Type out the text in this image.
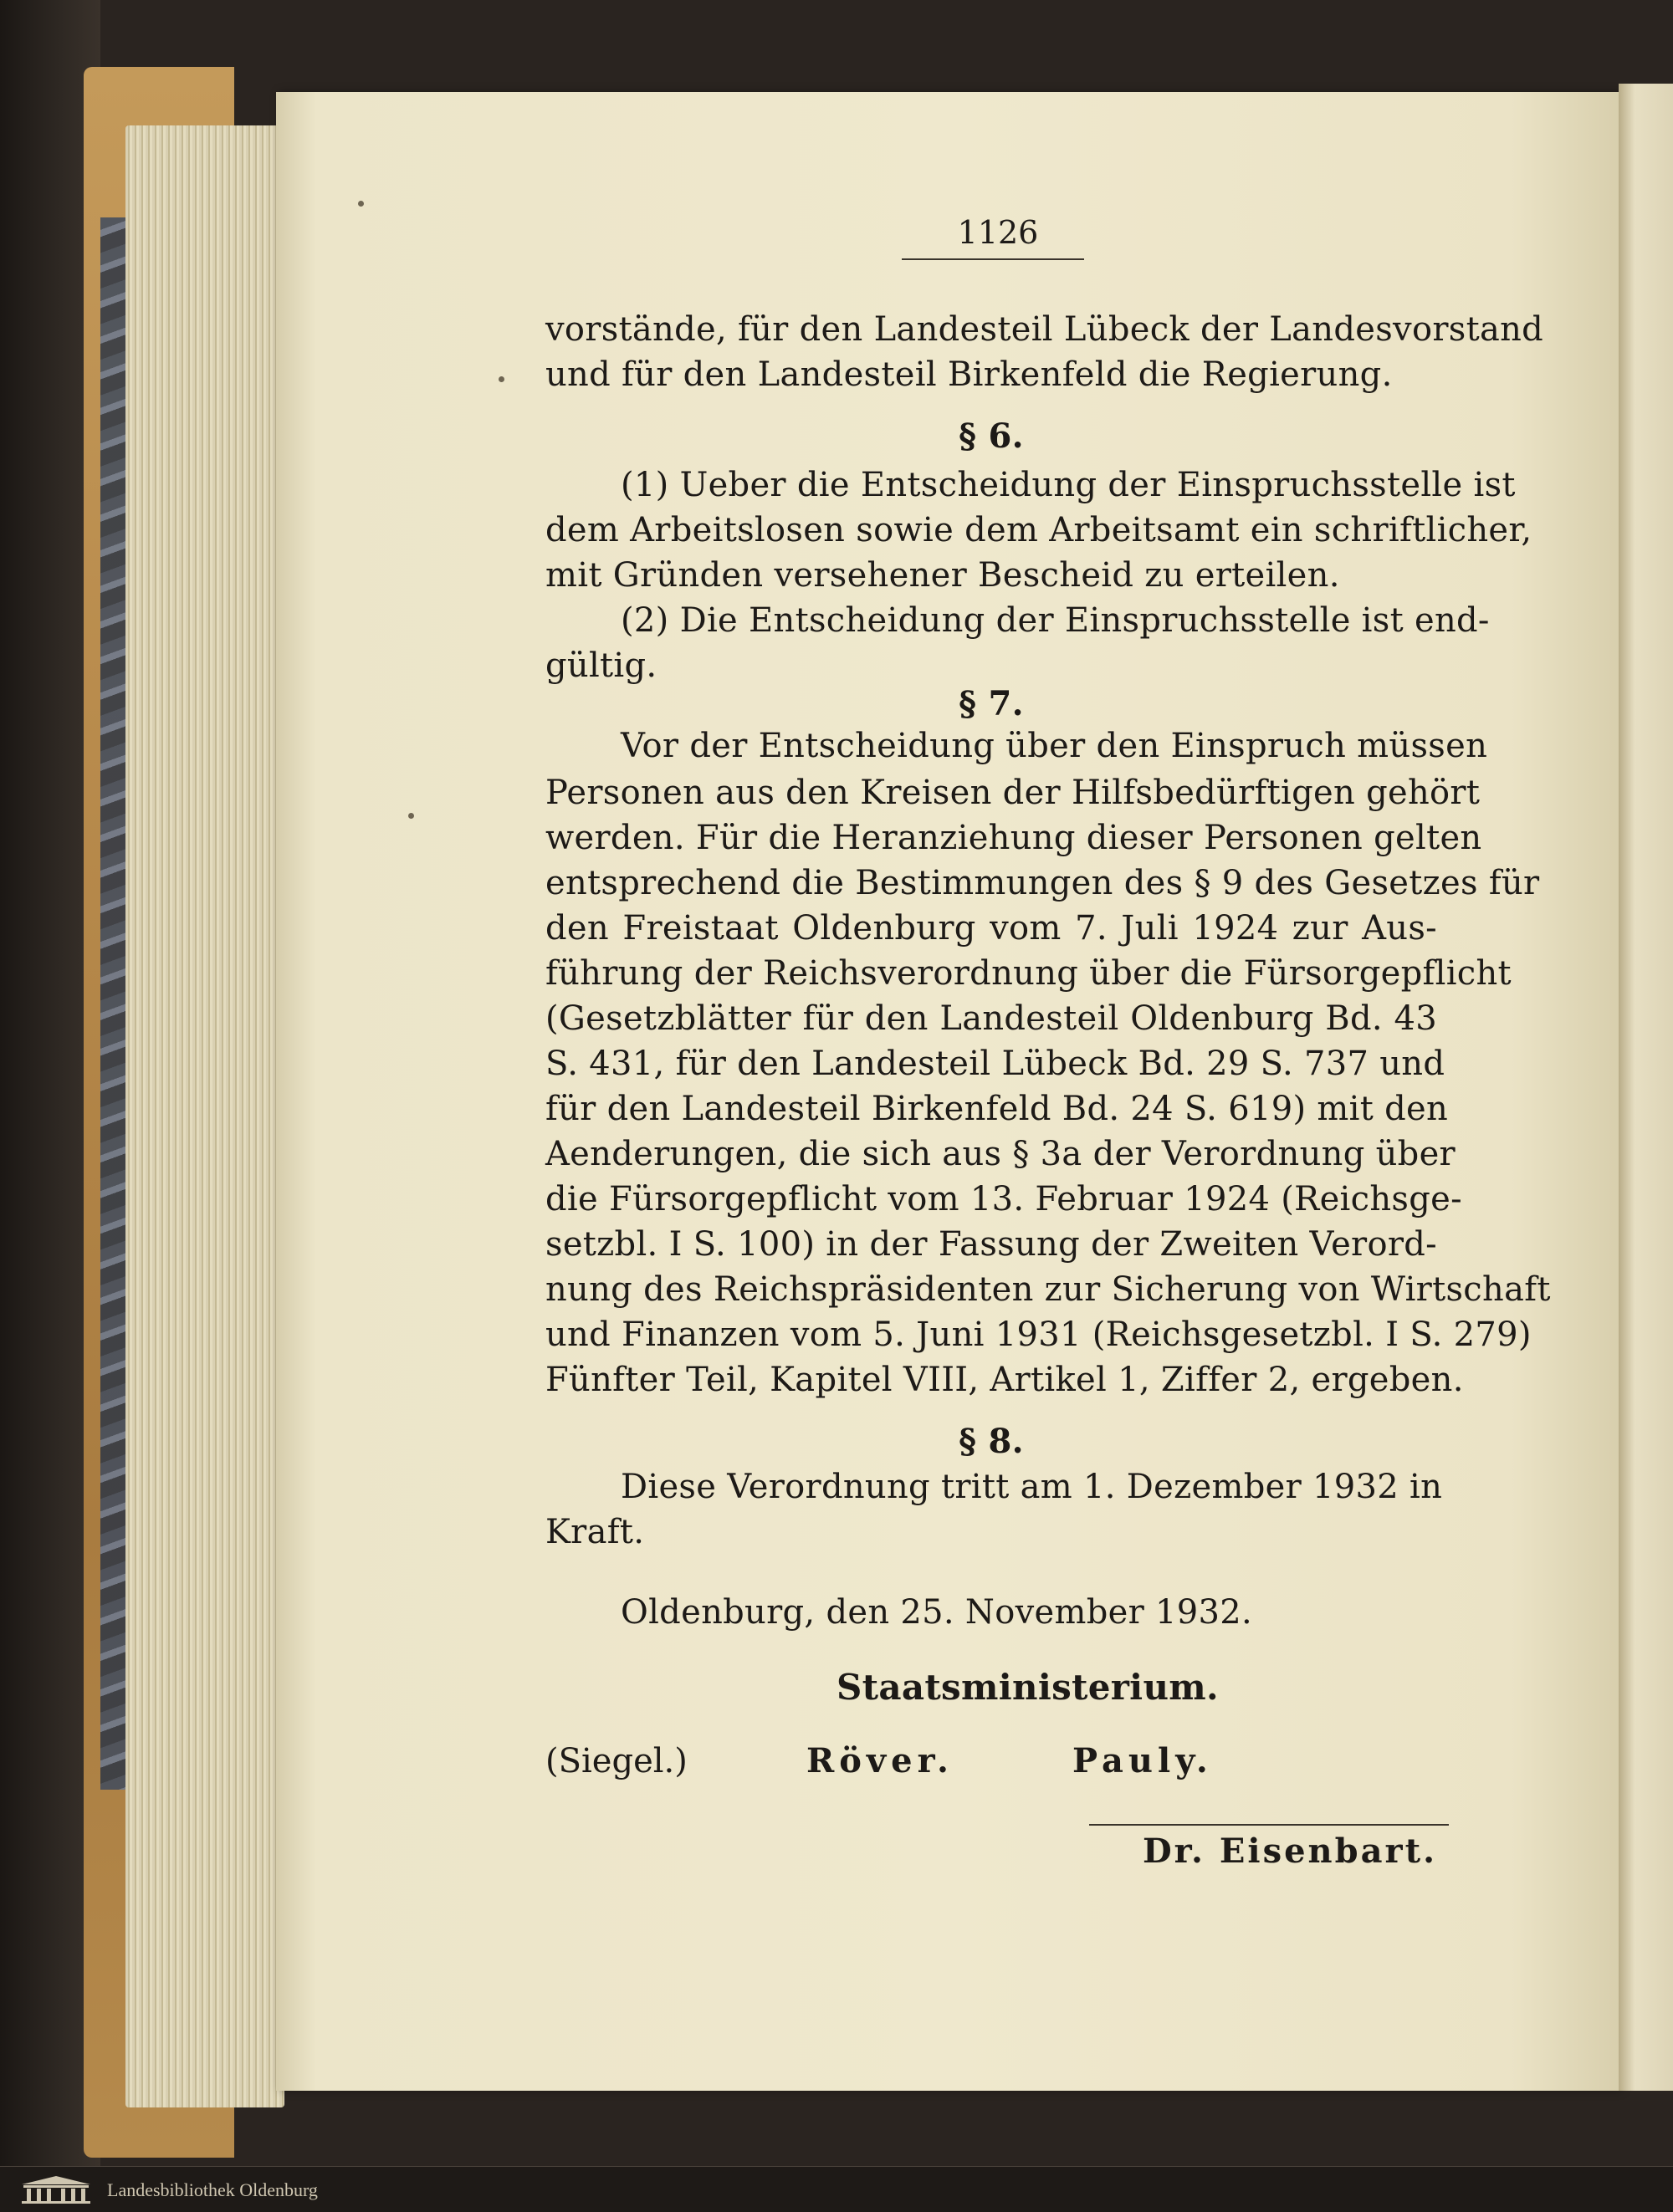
1126
vorstände, für den Landesteil Lübeck der Landesvorstand
und für den Landesteil Birkenfeld die Regierung.
§ 6.
(1) Ueber die Entscheidung der Einspruchsstelle ist
dem Arbeitslosen sowie dem Arbeitsamt ein schriftlicher,
mit Gründen versehener Bescheid zu erteilen.
(2) Die Entscheidung der Einspruchsstelle ist end-
gültig.
§ 7.
Vor der Entscheidung über den Einspruch müssen
Personen aus den Kreisen der Hilfsbedürftigen gehört
werden. Für die Heranziehung dieser Personen gelten
entsprechend die Bestimmungen des § 9 des Gesetzes für
den Freistaat Oldenburg vom 7. Juli 1924 zur Aus-
führung der Reichsverordnung über die Fürsorgepflicht
(Gesetzblätter für den Landesteil Oldenburg Bd. 43
S. 431, für den Landesteil Lübeck Bd. 29 S. 737 und
für den Landesteil Birkenfeld Bd. 24 S. 619) mit den
Aenderungen, die sich aus § 3a der Verordnung über
die Fürsorgepflicht vom 13. Februar 1924 (Reichsge-
setzbl. I S. 100) in der Fassung der Zweiten Verord-
nung des Reichspräsidenten zur Sicherung von Wirtschaft
und Finanzen vom 5. Juni 1931 (Reichsgesetzbl. I S. 279)
Fünfter Teil, Kapitel VIII, Artikel 1, Ziffer 2, ergeben.
§ 8.
Diese Verordnung tritt am 1. Dezember 1932 in
Kraft.
Oldenburg, den 25. November 1932.
Staatsministerium.
(Siegel.)	Röver.	Pauly.
Dr. Eisenbart.
Landesbibliothek Oldenburg
